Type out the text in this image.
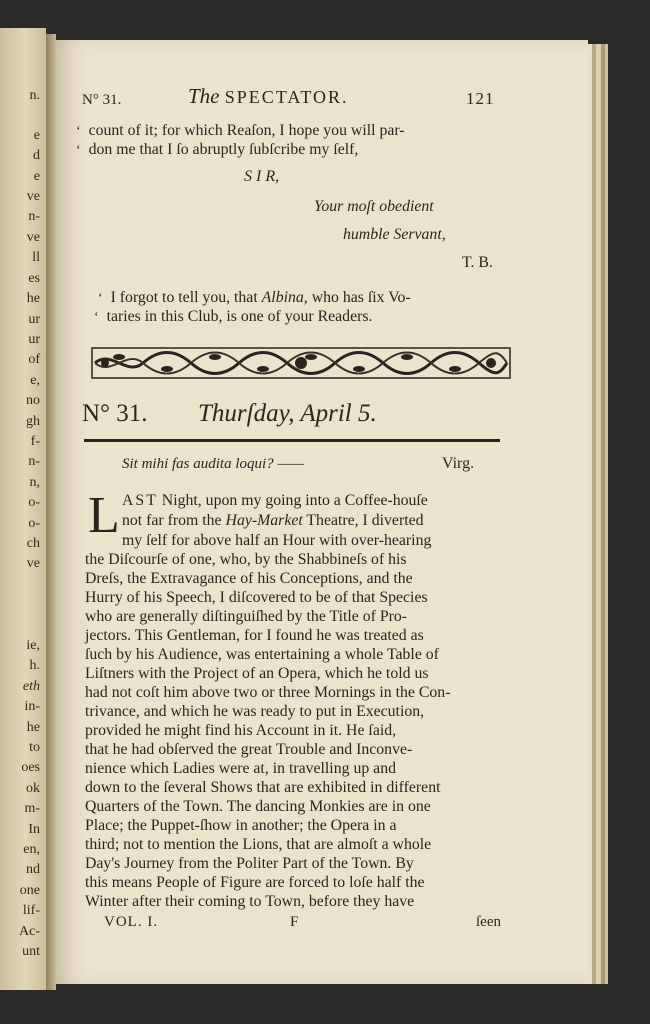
n.
e
d
e
ve
n-
ve
ll
es
he
ur
ur
of
e,
no
gh
f-
n-
n,
o-
o-
ch
ve
ie,
h.
eth
in-
he
to
oes
ok
m-
In
en,
nd
one
lif-
Ac-
unt
N° 31.	The SPECTATOR.	121
‘ count of it; for which Reaſon, I hope you will par-
‘ don me that I ſo abruptly ſubſcribe my ſelf,
S I R,
Your moſt obedient
humble Servant,
T. B.
‘ I forgot to tell you, that Albina, who has ſix Vo-
‘ taries in this Club, is one of your Readers.
N° 31. Thurſday, April 5.
Sit mihi fas audita loqui? ——	Virg.
L AST Night, upon my going into a Coffee-houſe
not far from the Hay-Market Theatre, I diverted
my ſelf for above half an Hour with over-hearing
the Diſcourſe of one, who, by the Shabbineſs of his
Dreſs, the Extravagance of his Conceptions, and the
Hurry of his Speech, I diſcovered to be of that Species
who are generally diſtinguiſhed by the Title of Pro-
jectors. This Gentleman, for I found he was treated as
ſuch by his Audience, was entertaining a whole Table of
Liſtners with the Project of an Opera, which he told us
had not coſt him above two or three Mornings in the Con-
trivance, and which he was ready to put in Execution,
provided he might find his Account in it. He ſaid,
that he had obſerved the great Trouble and Inconve-
nience which Ladies were at, in travelling up and
down to the ſeveral Shows that are exhibited in different
Quarters of the Town. The dancing Monkies are in one
Place; the Puppet-ſhow in another; the Opera in a
third; not to mention the Lions, that are almoſt a whole
Day's Journey from the Politer Part of the Town. By
this means People of Figure are forced to loſe half the
Winter after their coming to Town, before they have
VOL. I.	F	ſeen
